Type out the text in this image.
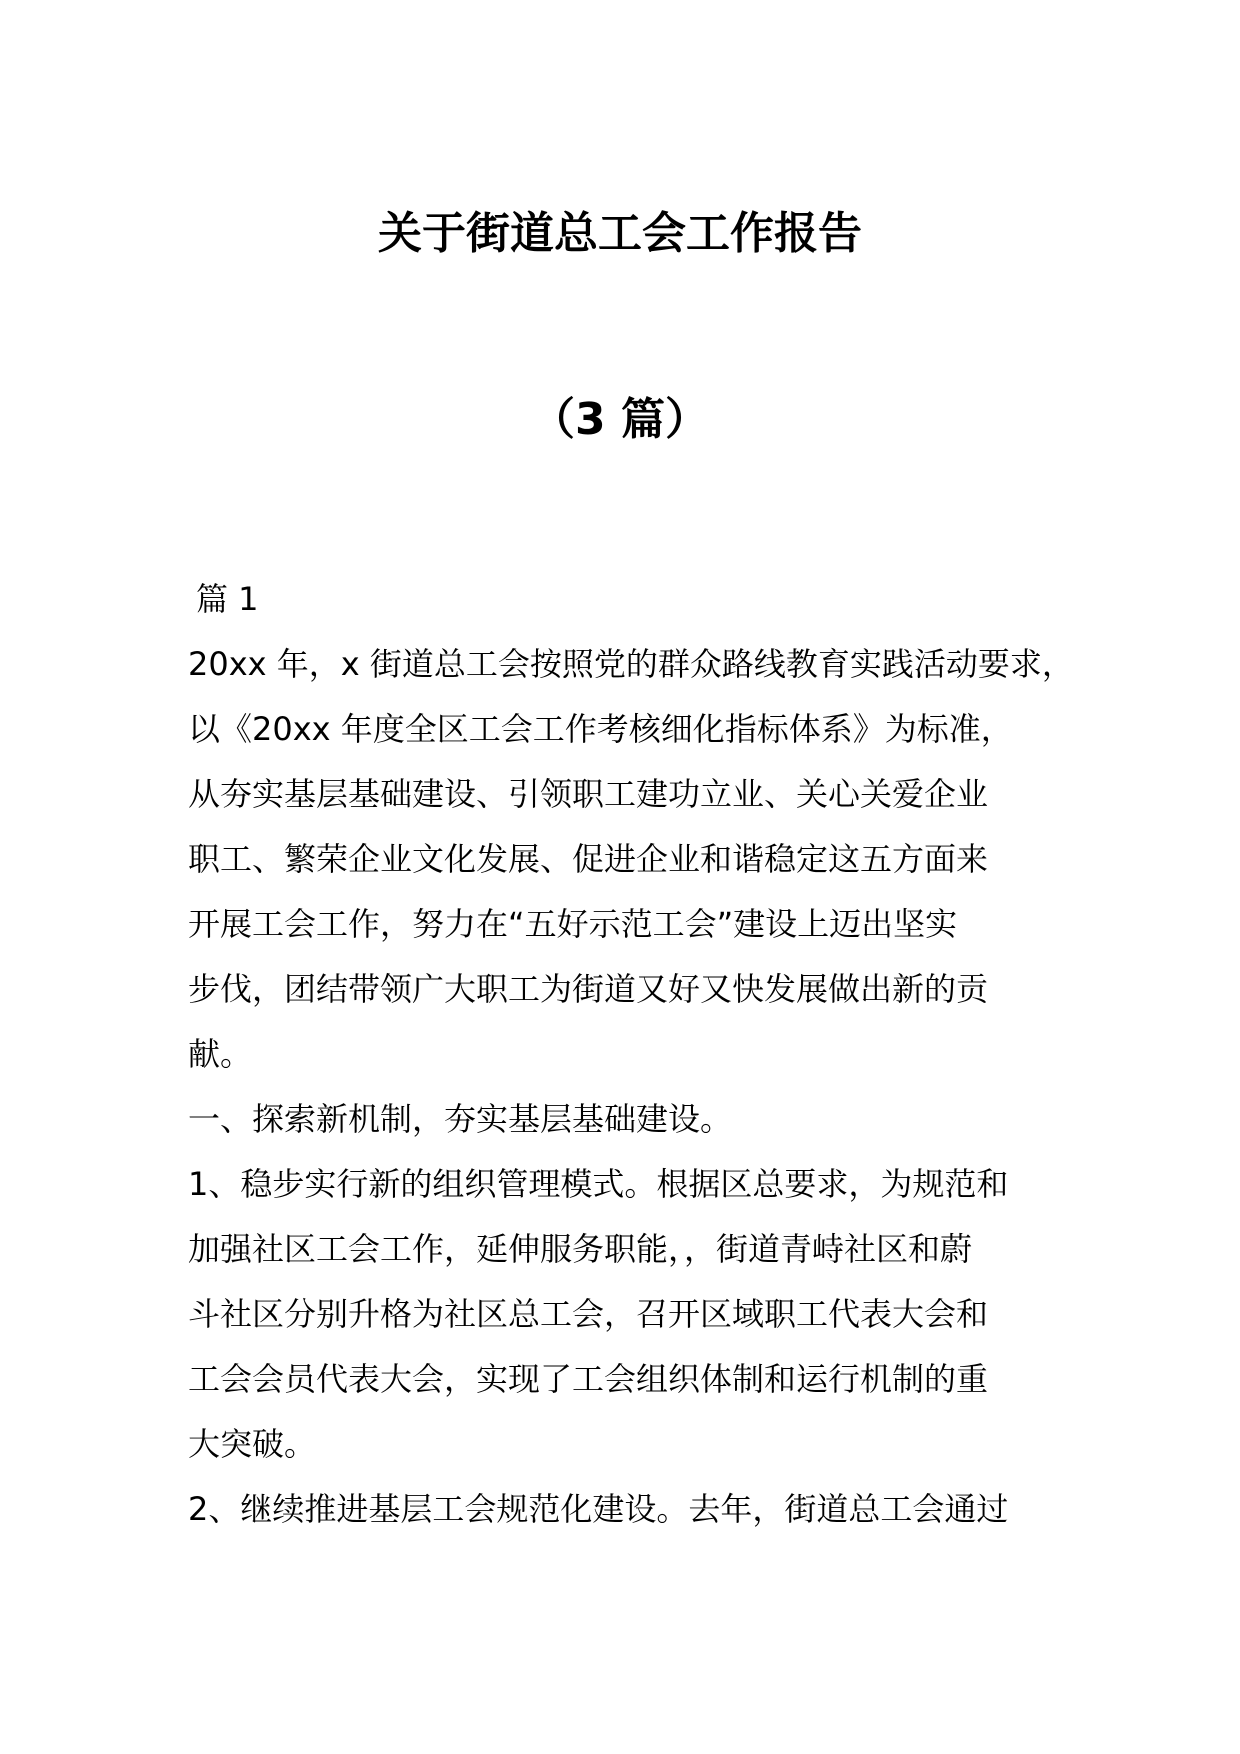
关于街道总工会工作报告
（3 篇）
篇 1
20xx 年，x 街道总工会按照党的群众路线教育实践活动要求，
以《20xx 年度全区工会工作考核细化指标体系》为标准，
从夯实基层基础建设、引领职工建功立业、关心关爱企业
职工、繁荣企业文化发展、促进企业和谐稳定这五方面来
开展工会工作，努力在“五好示范工会”建设上迈出坚实
步伐，团结带领广大职工为街道又好又快发展做出新的贡
献。
一、探索新机制，夯实基层基础建设。
1、稳步实行新的组织管理模式。根据区总要求，为规范和
加强社区工会工作，延伸服务职能，，街道青峙社区和蔚
斗社区分别升格为社区总工会，召开区域职工代表大会和
工会会员代表大会，实现了工会组织体制和运行机制的重
大突破。
2、继续推进基层工会规范化建设。去年，街道总工会通过
